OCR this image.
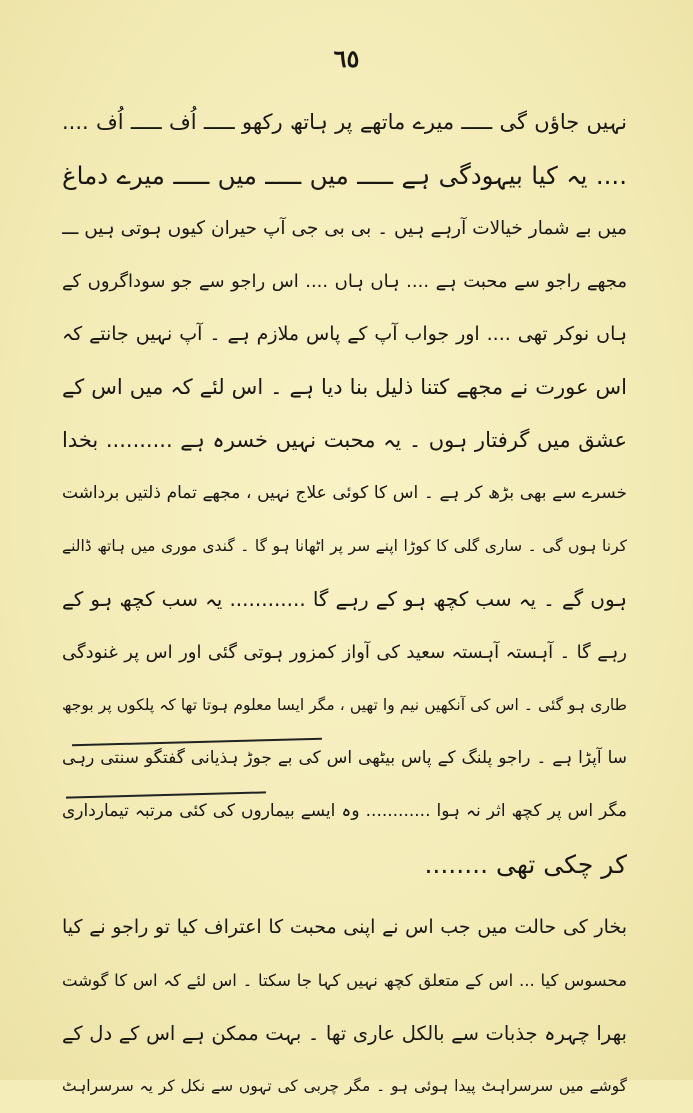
٦٥
نہیں جاؤں گی ـــــ میرے ماتھے پر ہاتھ رکھو ـــــ اُف ـــــ اُف ....
.... یہ کیا بیہودگی ہے ـــــ میں ـــــ میں ـــــ میرے دماغ
میں بے شمار خیالات آرہے ہیں ۔ بی بی جی آپ حیران کیوں ہوتی ہیں ـــ
مجھے راجو سے محبت ہے .... ہاں ہاں .... اس راجو سے جو سوداگروں کے
ہاں نوکر تھی .... اور جواب آپ کے پاس ملازم ہے ۔ آپ نہیں جانتے کہ
اس عورت نے مجھے کتنا ذلیل بنا دیا ہے ۔ اس لئے کہ میں اس کے
عشق میں گرفتار ہوں ۔ یہ محبت نہیں خسرہ ہے .......... بخدا
خسرے سے بھی بڑھ کر ہے ۔ اس کا کوئی علاج نہیں ، مجھے تمام ذلتیں برداشت
کرنا ہوں گی ۔ ساری گلی کا کوڑا اپنے سر پر اٹھانا ہو گا ۔ گندی موری میں ہاتھ ڈالنے
ہوں گے ۔ یہ سب کچھ ہو کے رہے گا ............ یہ سب کچھ ہو کے
رہے گا ۔ آہستہ آہستہ سعید کی آواز کمزور ہوتی گئی اور اس پر غنودگی
طاری ہو گئی ۔ اس کی آنکھیں نیم وا تھیں ، مگر ایسا معلوم ہوتا تھا کہ پلکوں پر بوجھ
سا آپڑا ہے ۔ راجو پلنگ کے پاس بیٹھی اس کی بے جوڑ ہذیانی گفتگو سنتی رہی
مگر اس پر کچھ اثر نہ ہوا ............ وہ ایسے بیماروں کی کئی مرتبہ تیمارداری
کر چکی تھی ........
بخار کی حالت میں جب اس نے اپنی محبت کا اعتراف کیا تو راجو نے کیا
محسوس کیا ... اس کے متعلق کچھ نہیں کہا جا سکتا ۔ اس لئے کہ اس کا گوشت
بھرا چہرہ جذبات سے بالکل عاری تھا ۔ بہت ممکن ہے اس کے دل کے
گوشے میں سرسراہٹ پیدا ہوئی ہو ۔ مگر چربی کی تہوں سے نکل کر یہ سرسراہٹ
